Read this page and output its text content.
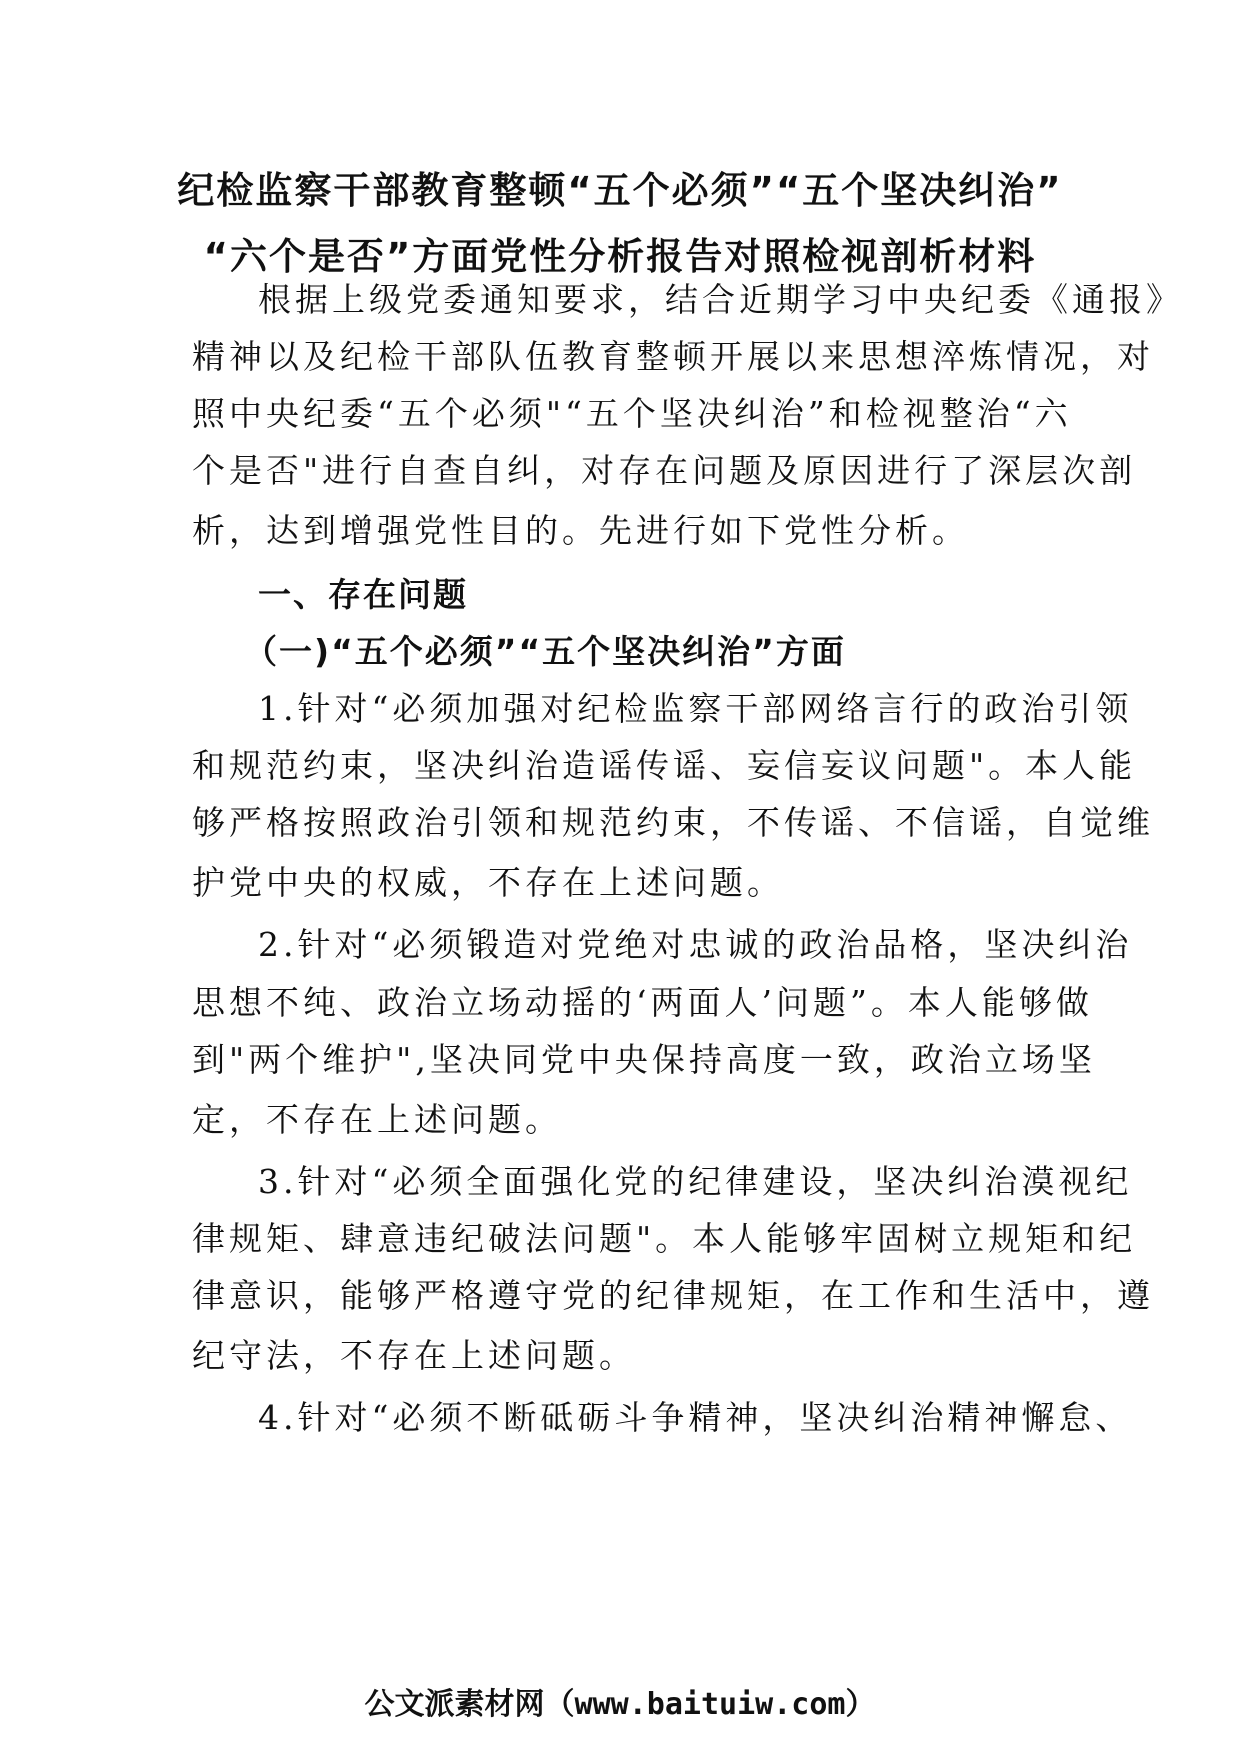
纪检监察干部教育整顿“五个必须”“五个坚决纠治”
“六个是否”方面党性分析报告对照检视剖析材料
根据上级党委通知要求，结合近期学习中央纪委《通报》
精神以及纪检干部队伍教育整顿开展以来思想淬炼情况，对
照中央纪委“五个必须"“五个坚决纠治”和检视整治“六
个是否"进行自查自纠，对存在问题及原因进行了深层次剖
析，达到增强党性目的。先进行如下党性分析。
一、存在问题
（一)“五个必须”“五个坚决纠治”方面
1.针对“必须加强对纪检监察干部网络言行的政治引领
和规范约束，坚决纠治造谣传谣、妄信妄议问题"。本人能
够严格按照政治引领和规范约束，不传谣、不信谣，自觉维
护党中央的权威，不存在上述问题。
2.针对“必须锻造对党绝对忠诚的政治品格，坚决纠治
思想不纯、政治立场动摇的‘两面人’问题”。本人能够做
到"两个维护",坚决同党中央保持高度一致，政治立场坚
定，不存在上述问题。
3.针对“必须全面强化党的纪律建设，坚决纠治漠视纪
律规矩、肆意违纪破法问题"。本人能够牢固树立规矩和纪
律意识，能够严格遵守党的纪律规矩，在工作和生活中，遵
纪守法，不存在上述问题。
4.针对“必须不断砥砺斗争精神，坚决纠治精神懈怠、
公文派素材网（www.baituiw.com）
